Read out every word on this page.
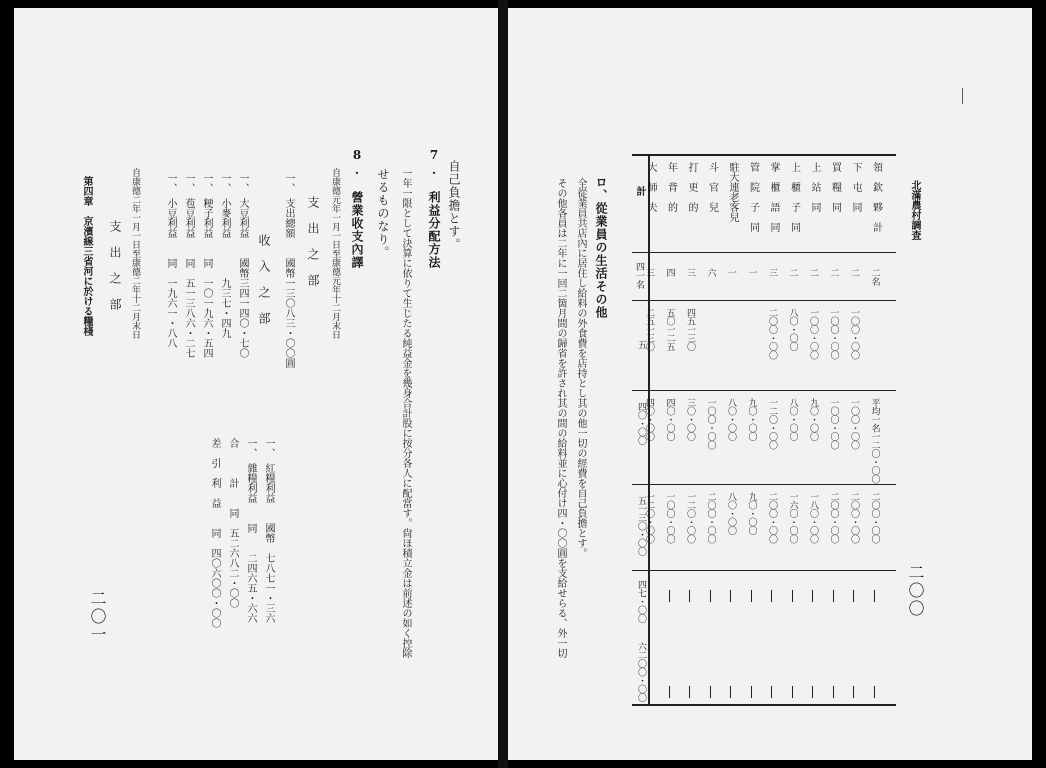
自己負擔とす。
7.　利益分配方法
一年一限として決算に依りて生じたる純益金を幾身合計股に按分各人に配當す。尙ほ積立金は前述の如く控除
せるものなり。
8.　營業收支內譯
自康德元年一月一日至康德元年十二月末日
支　出　之　部
一、　支出總額　　國幣一三〇八三・〇〇圓
收　入　之　部
一、　大豆利益　　國幣三四一四〇・七〇
一、　小麥利益　　　　九三七・四九
一、　粳子利益　　同　一〇一九六・五四
一、　苞豆利益　　同　五一三八六・二七
一、　小豆利益　　同　一九六一・八八
自康德二年一月一日至康德二年十二月末日
支　出　之　部
第四章　京濱線三省河に於ける糧棧
一、　紅糧利益　　國幣　七八七一・三六
一、　雜糧利益　　同　　二四六五・六六
合　　　計　　同　五二六八二・〇〇
差　引　利　益　　同　四〇六〇〇・〇〇
二〇一
北滿農村調査
二〇〇
計
四一名
五
四〇・〇〇
五一三〇・〇〇
四七・〇〇
六二〇〇・〇〇
領　欽　夥　計
二名
平均一名一二〇・〇〇
二〇〇・〇〇
下　屯　同
二
一〇〇・〇〇
一〇〇・〇〇
二〇〇・〇〇
買　糧　同
二
一〇〇・〇〇
一〇〇・〇〇
二〇〇・〇〇
上　站　同
二
一〇〇・〇〇
九〇・〇〇
一八〇・〇〇
上　櫃　子　同
二
八〇・〇〇
八〇・〇〇
一六〇・〇〇
掌　櫃　語　同
三
二〇〇・〇〇
一二〇・〇〇
二〇〇・〇〇
管　院　子　同
一
九〇・〇〇
九〇・〇〇
駐大連老客兒
一
八〇・〇〇
八〇・〇〇
斗　官　兒
六
一〇〇・〇〇
二〇〇・〇〇
打　更　的
三
四五一三〇
三〇・〇〇
一二〇・〇〇
年　背　的
四
五〇一二五
四〇・〇〇
一〇〇・〇〇
大　師　夫
三
二五一三〇
四〇・〇〇
一二〇・〇〇
ロ、從業員の生活その他
全從業員共店內に居住し給料の外食費を店持とし其の他一切の經費を自己負擔とす。
その他各員は二年に一回二箇月間の歸省を許され其の間の給料並に心付け四・〇〇圓を支給せらる、外一切
